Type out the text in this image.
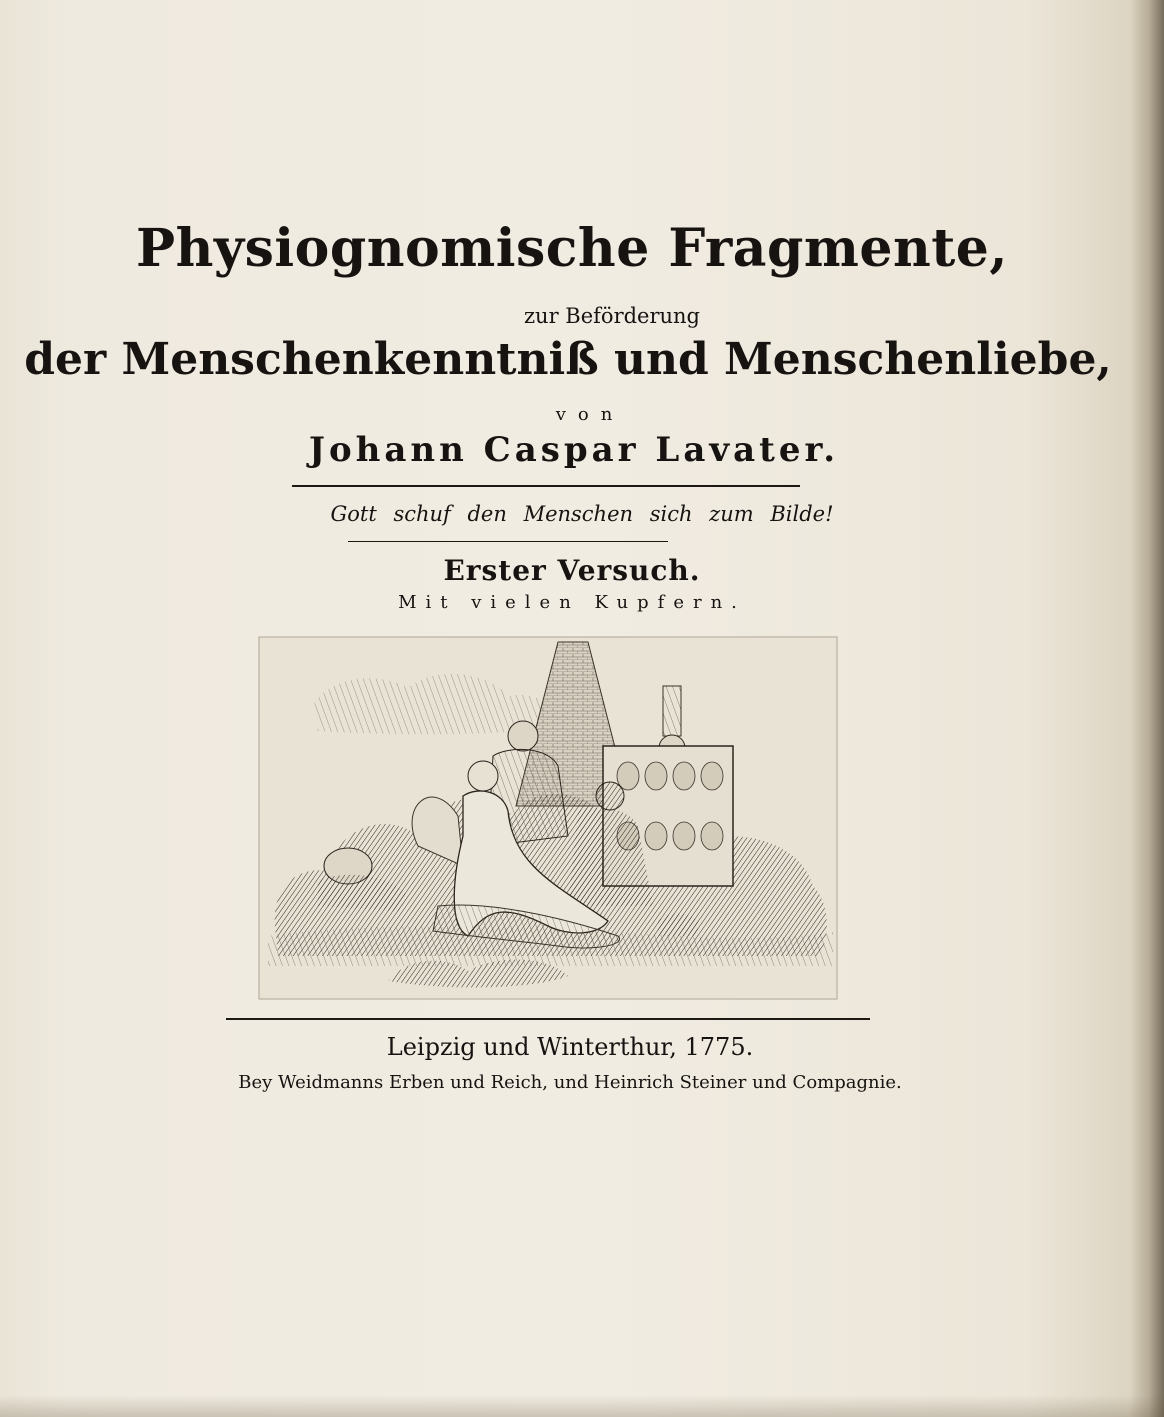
Physiognomische Fragmente,
zur Beförderung
der Menschenkenntniß und Menschenliebe,
von
Johann Caspar Lavater.
Gott schuf den Menschen sich zum Bilde!
Erster Versuch.
Mit vielen Kupfern.
Leipzig und Winterthur, 1775.
Bey Weidmanns Erben und Reich, und Heinrich Steiner und Compagnie.
